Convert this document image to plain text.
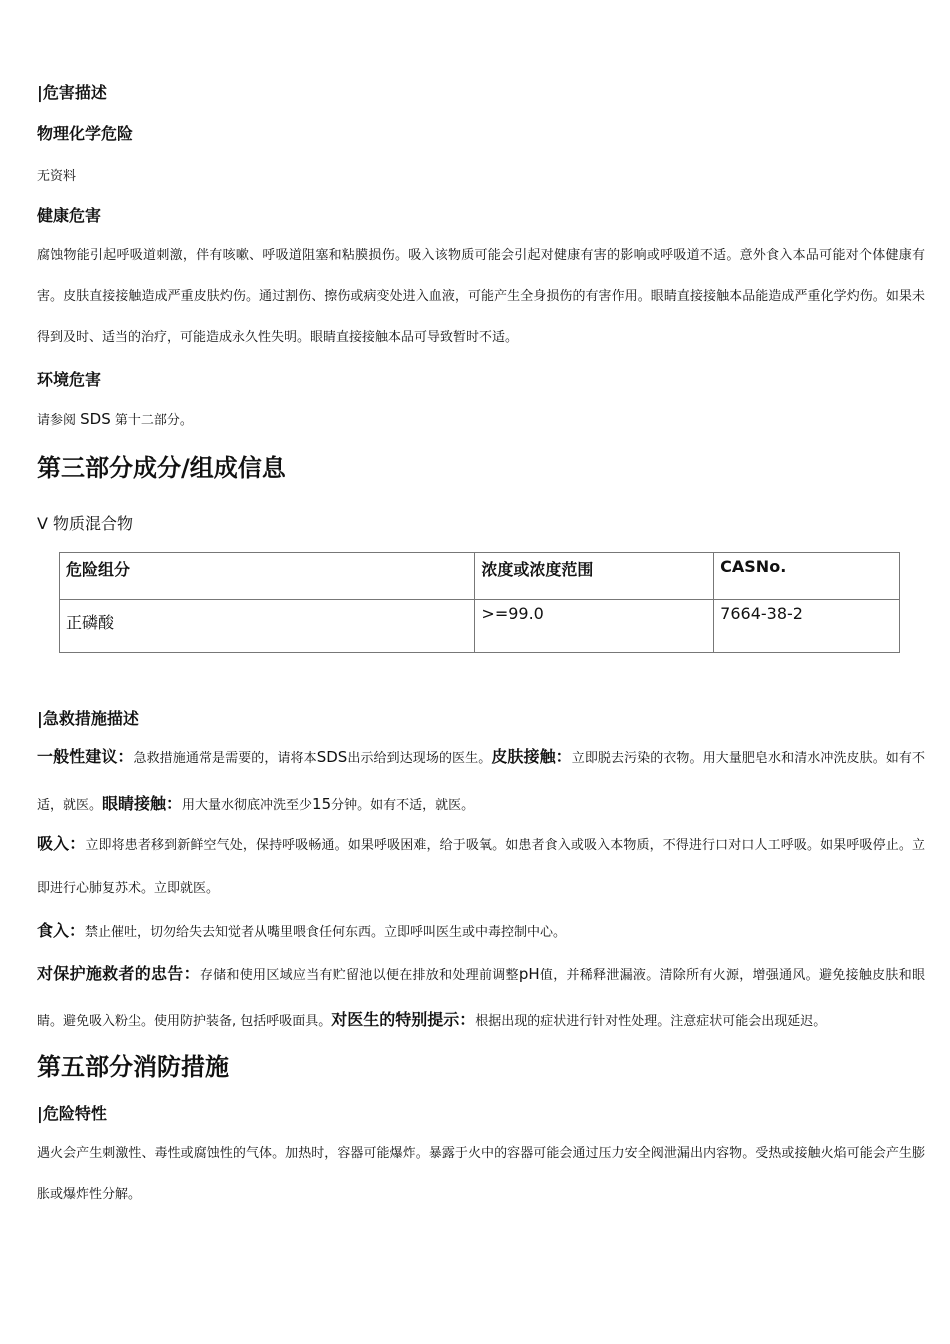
|危害描述
物理化学危险
无资料
健康危害

腐蚀物能引起呼吸道刺激，伴有咳嗽、呼吸道阻塞和粘膜损伤。吸入该物质可能会引起对健康有害的影响或呼吸道不适。意外食入本品可能对个体健康有害。皮肤直接接触造成严重皮肤灼伤。通过割伤、擦伤或病变处进入血液，可能产生全身损伤的有害作用。眼睛直接接触本品能造成严重化学灼伤。如果未得到及时、适当的治疗，可能造成永久性失明。眼睛直接接触本品可导致暂时不适。

环境危害
请参阅 SDS 第十二部分。
第三部分成分/组成信息
V 物质混合物
危险组分	浓度或浓度范围	CASNo.
正磷酸	>=99.0	7664-38-2
|急救措施描述

一般性建议：急救措施通常是需要的，请将本SDS出示给到达现场的医生。皮肤接触：立即脱去污染的衣物。用大量肥皂水和清水冲洗皮肤。如有不适，就医。眼睛接触：用大量水彻底冲洗至少15分钟。如有不适，就医。

吸入：立即将患者移到新鲜空气处，保持呼吸畅通。如果呼吸困难，给于吸氧。如患者食入或吸入本物质，不得进行口对口人工呼吸。如果呼吸停止。立即进行心肺复苏术。立即就医。

食入：禁止催吐，切勿给失去知觉者从嘴里喂食任何东西。立即呼叫医生或中毒控制中心。

对保护施救者的忠告：存储和使用区域应当有贮留池以便在排放和处理前调整pH值，并稀释泄漏液。清除所有火源，增强通风。避免接触皮肤和眼睛。避免吸入粉尘。使用防护装备, 包括呼吸面具。对医生的特别提示：根据出现的症状进行针对性处理。注意症状可能会出现延迟。

第五部分消防措施
|危险特性

遇火会产生刺激性、毒性或腐蚀性的气体。加热时，容器可能爆炸。暴露于火中的容器可能会通过压力安全阀泄漏出内容物。受热或接触火焰可能会产生膨胀或爆炸性分解。
